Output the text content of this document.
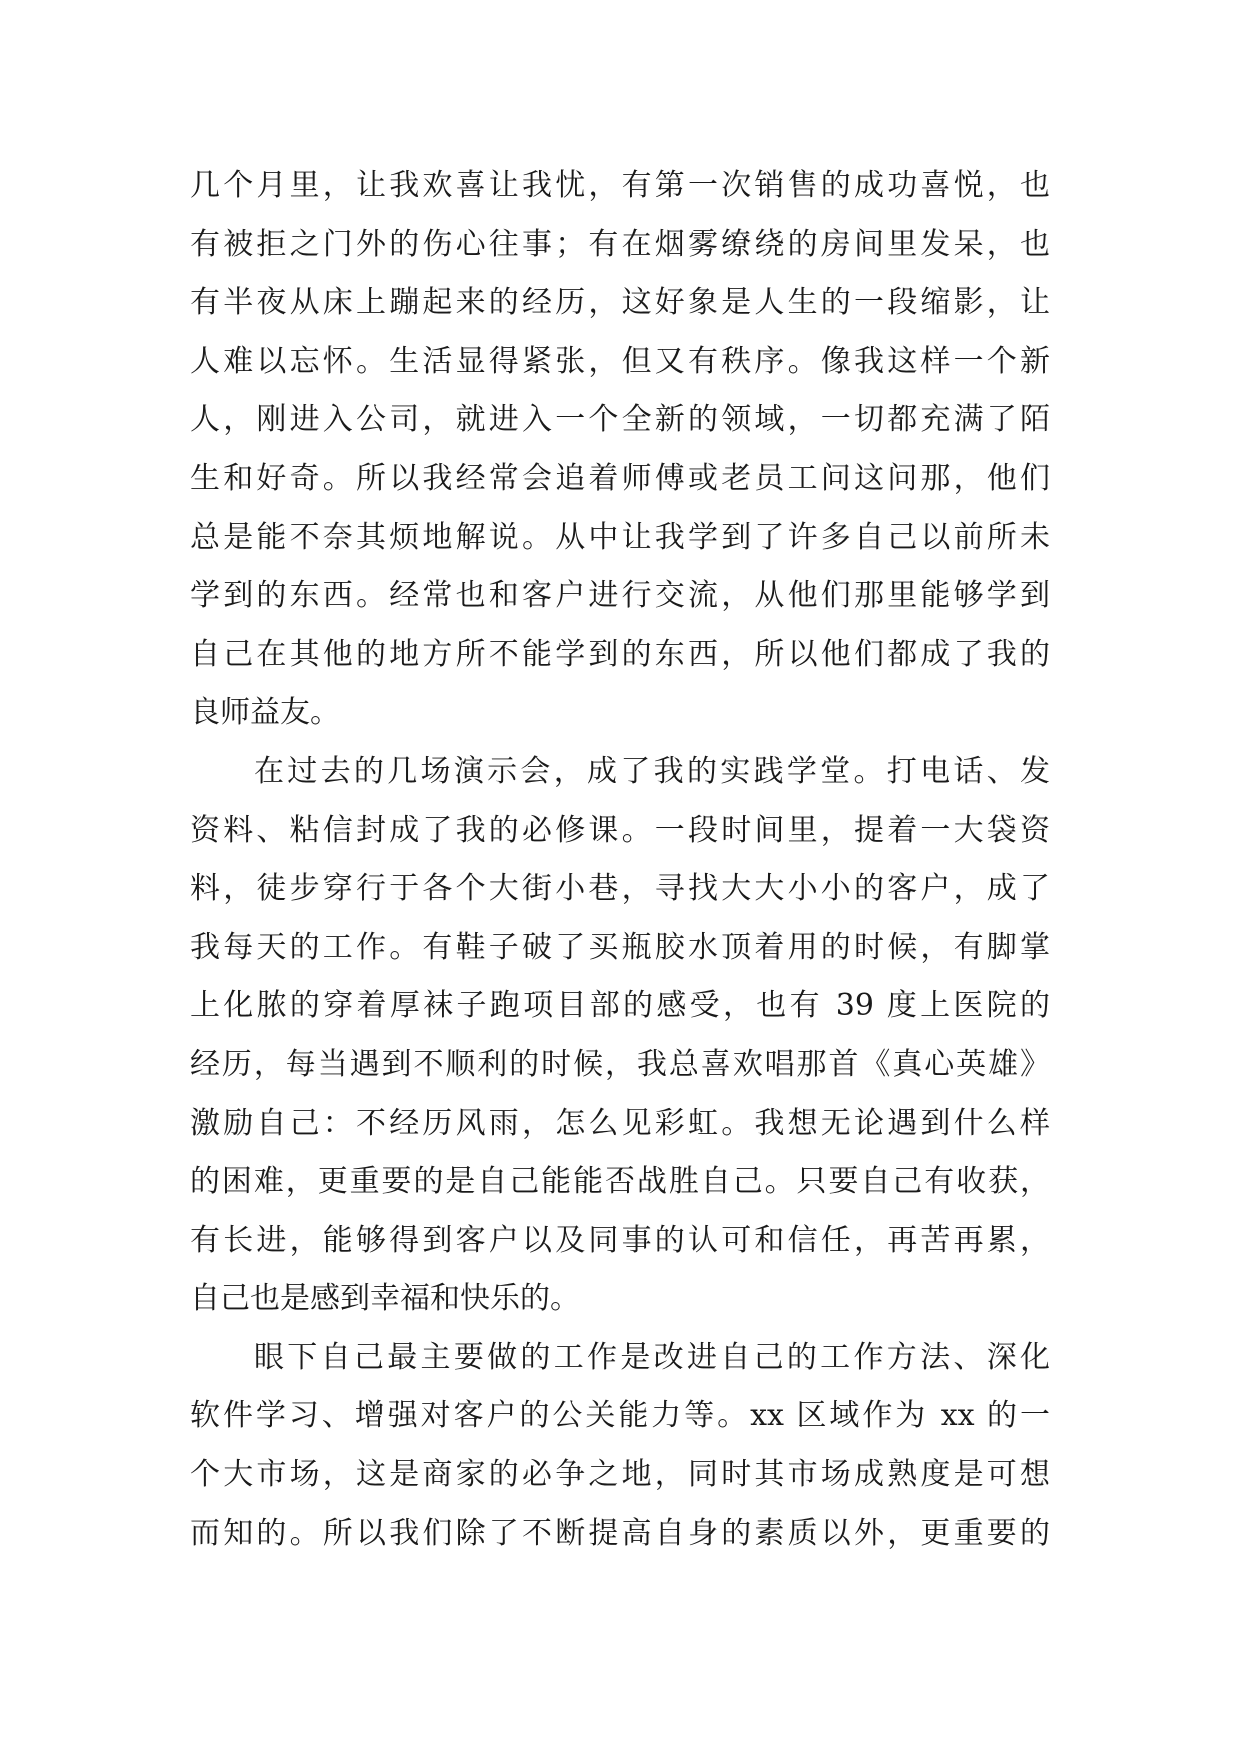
几个月里，让我欢喜让我忧，有第一次销售的成功喜悦，也
有被拒之门外的伤心往事；有在烟雾缭绕的房间里发呆，也
有半夜从床上蹦起来的经历，这好象是人生的一段缩影，让
人难以忘怀。生活显得紧张，但又有秩序。像我这样一个新
人，刚进入公司，就进入一个全新的领域，一切都充满了陌
生和好奇。所以我经常会追着师傅或老员工问这问那，他们
总是能不奈其烦地解说。从中让我学到了许多自己以前所未
学到的东西。经常也和客户进行交流，从他们那里能够学到
自己在其他的地方所不能学到的东西，所以他们都成了我的
良师益友。
在过去的几场演示会，成了我的实践学堂。打电话、发
资料、粘信封成了我的必修课。一段时间里，提着一大袋资
料，徒步穿行于各个大街小巷，寻找大大小小的客户，成了
我每天的工作。有鞋子破了买瓶胶水顶着用的时候，有脚掌
上化脓的穿着厚袜子跑项目部的感受，也有 39 度上医院的
经历，每当遇到不顺利的时候，我总喜欢唱那首《真心英雄》
激励自己：不经历风雨，怎么见彩虹。我想无论遇到什么样
的困难，更重要的是自己能能否战胜自己。只要自己有收获，
有长进，能够得到客户以及同事的认可和信任，再苦再累，
自己也是感到幸福和快乐的。
眼下自己最主要做的工作是改进自己的工作方法、深化
软件学习、增强对客户的公关能力等。xx 区域作为 xx 的一
个大市场，这是商家的必争之地，同时其市场成熟度是可想
而知的。所以我们除了不断提高自身的素质以外，更重要的
